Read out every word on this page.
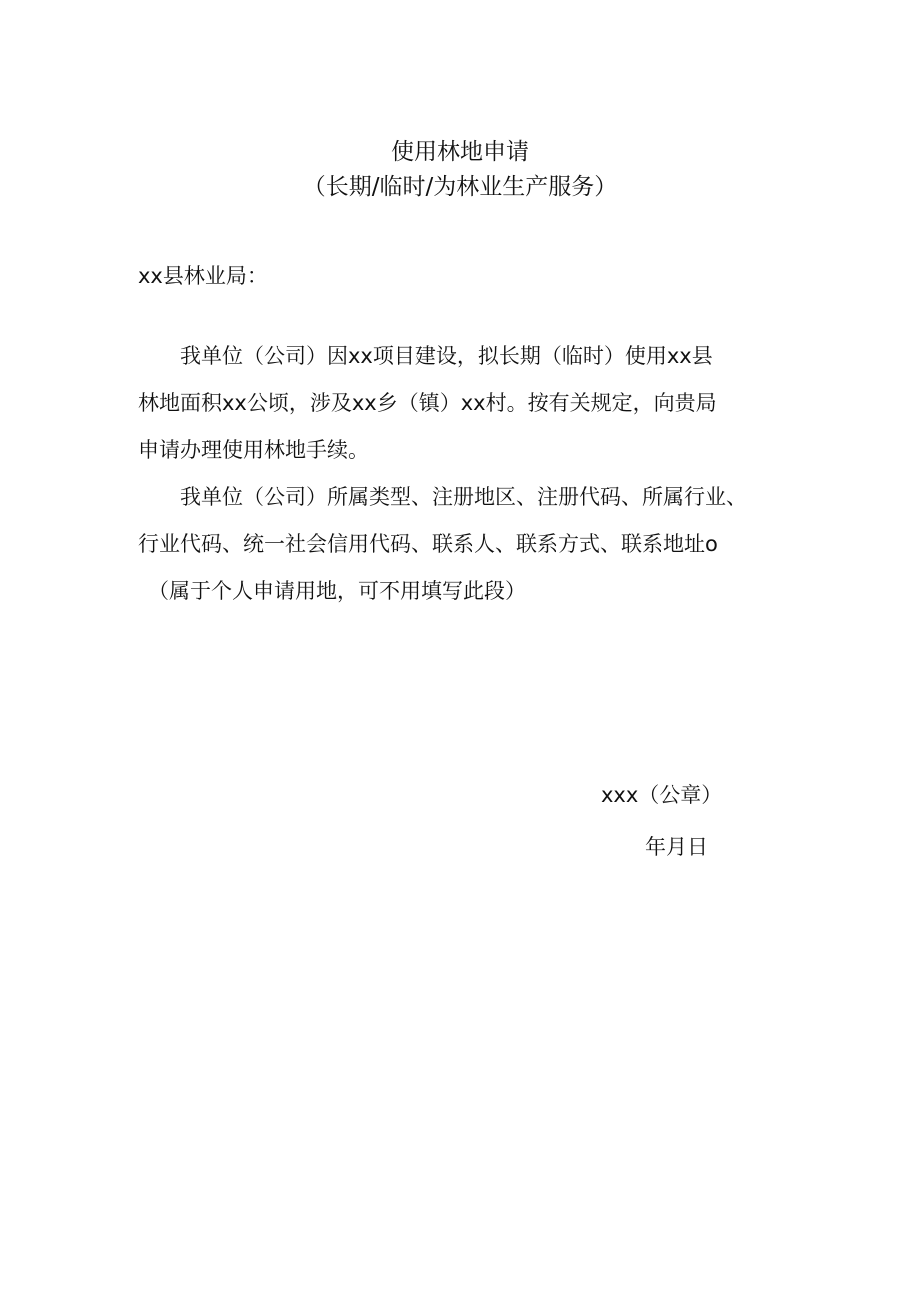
使用林地申请
（长期/临时/为林业生产服务）
xx县林业局：
我单位（公司）因xx项目建设，拟长期（临时）使用xx县
林地面积xx公顷，涉及xx乡（镇）xx村。按有关规定，向贵局
申请办理使用林地手续。
我单位（公司）所属类型、注册地区、注册代码、所属行业、
行业代码、统一社会信用代码、联系人、联系方式、联系地址o
（属于个人申请用地，可不用填写此段）
xxx（公章）
年月日
